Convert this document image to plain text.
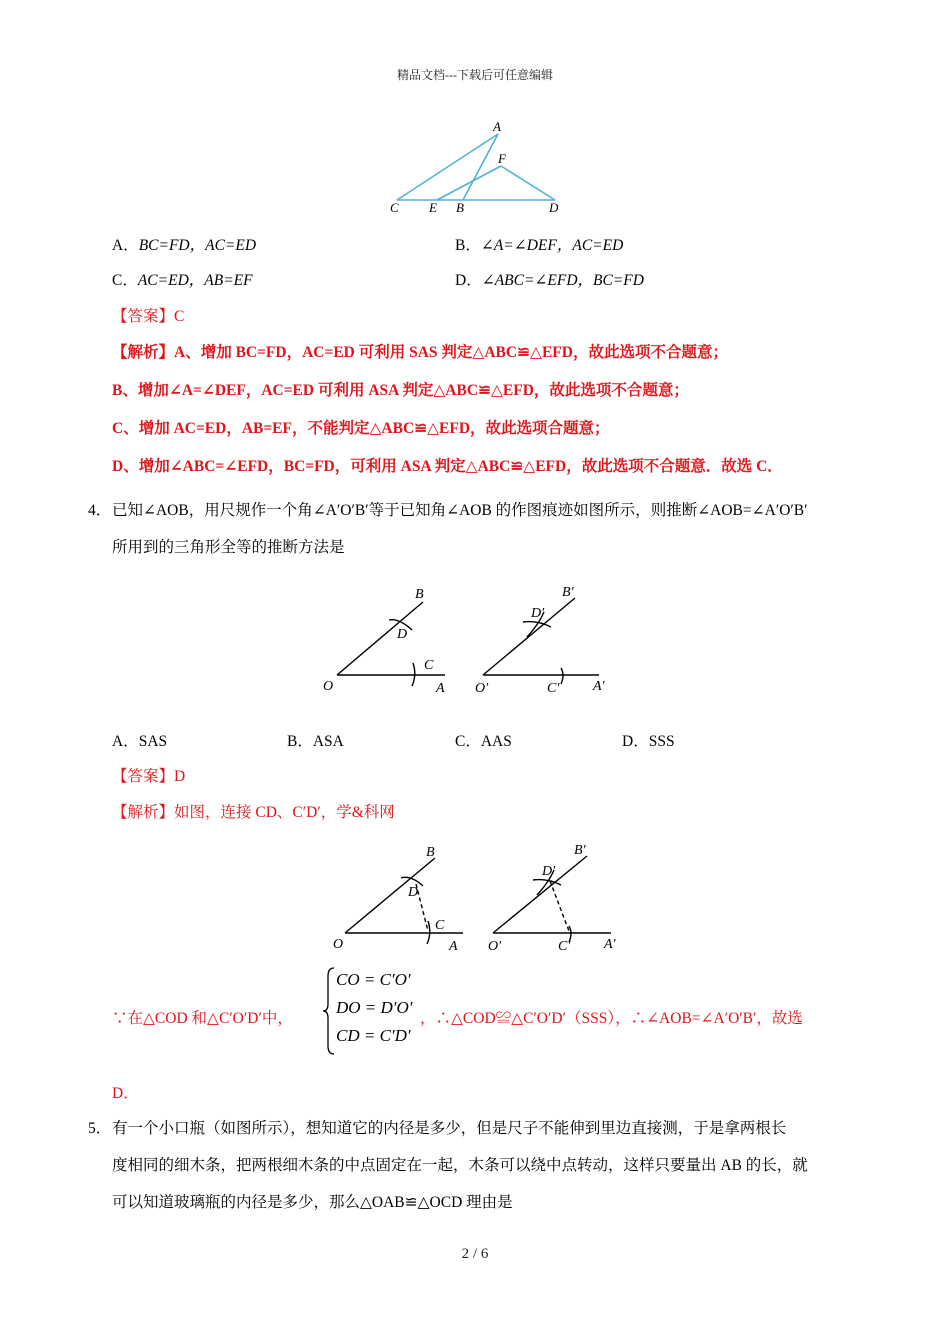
精品文档---下载后可任意编辑
A
F
C E B	D
A．BC=FD，AC=ED	B．∠A=∠DEF，AC=ED
C．AC=ED，AB=EF	D．∠ABC=∠EFD，BC=FD
【答案】C
【解析】A、增加 BC=FD，AC=ED 可利用 SAS 判定△ABC≌△EFD，故此选项不合题意；
B、增加∠A=∠DEF，AC=ED 可利用 ASA 判定△ABC≌△EFD，故此选项不合题意；
C、增加 AC=ED，AB=EF，不能判定△ABC≌△EFD，故此选项合题意；
D、增加∠ABC=∠EFD，BC=FD，可利用 ASA 判定△ABC≌△EFD，故此选项不合题意．故选 C．
4． 已知∠AOB，用尺规作一个角∠A′O′B′等于已知角∠AOB 的作图痕迹如图所示，则推断∠AOB=∠A′O′B′
所用到的三角形全等的推断方法是
B
D
C
O	A
B′
D′
O′	C′ A′
A．SAS	B．ASA	C．AAS	D．SSS
【答案】D
【解析】如图，连接 CD、C′D′，学&科网
B
D
C
O	A
B′
D′
O′	C′ A′
∵在△COD 和△C′O′D′中，
CO = C′O′
DO = D′O′
CD = C′D′
，∴△COD≌△C′O′D′（SSS），∴∠AOB=∠A′O′B′，故选
D．
5． 有一个小口瓶（如图所示），想知道它的内径是多少，但是尺子不能伸到里边直接测，于是拿两根长
度相同的细木条，把两根细木条的中点固定在一起，木条可以绕中点转动，这样只要量出 AB 的长，就
可以知道玻璃瓶的内径是多少，那么△OAB≌△OCD 理由是
2 / 6
